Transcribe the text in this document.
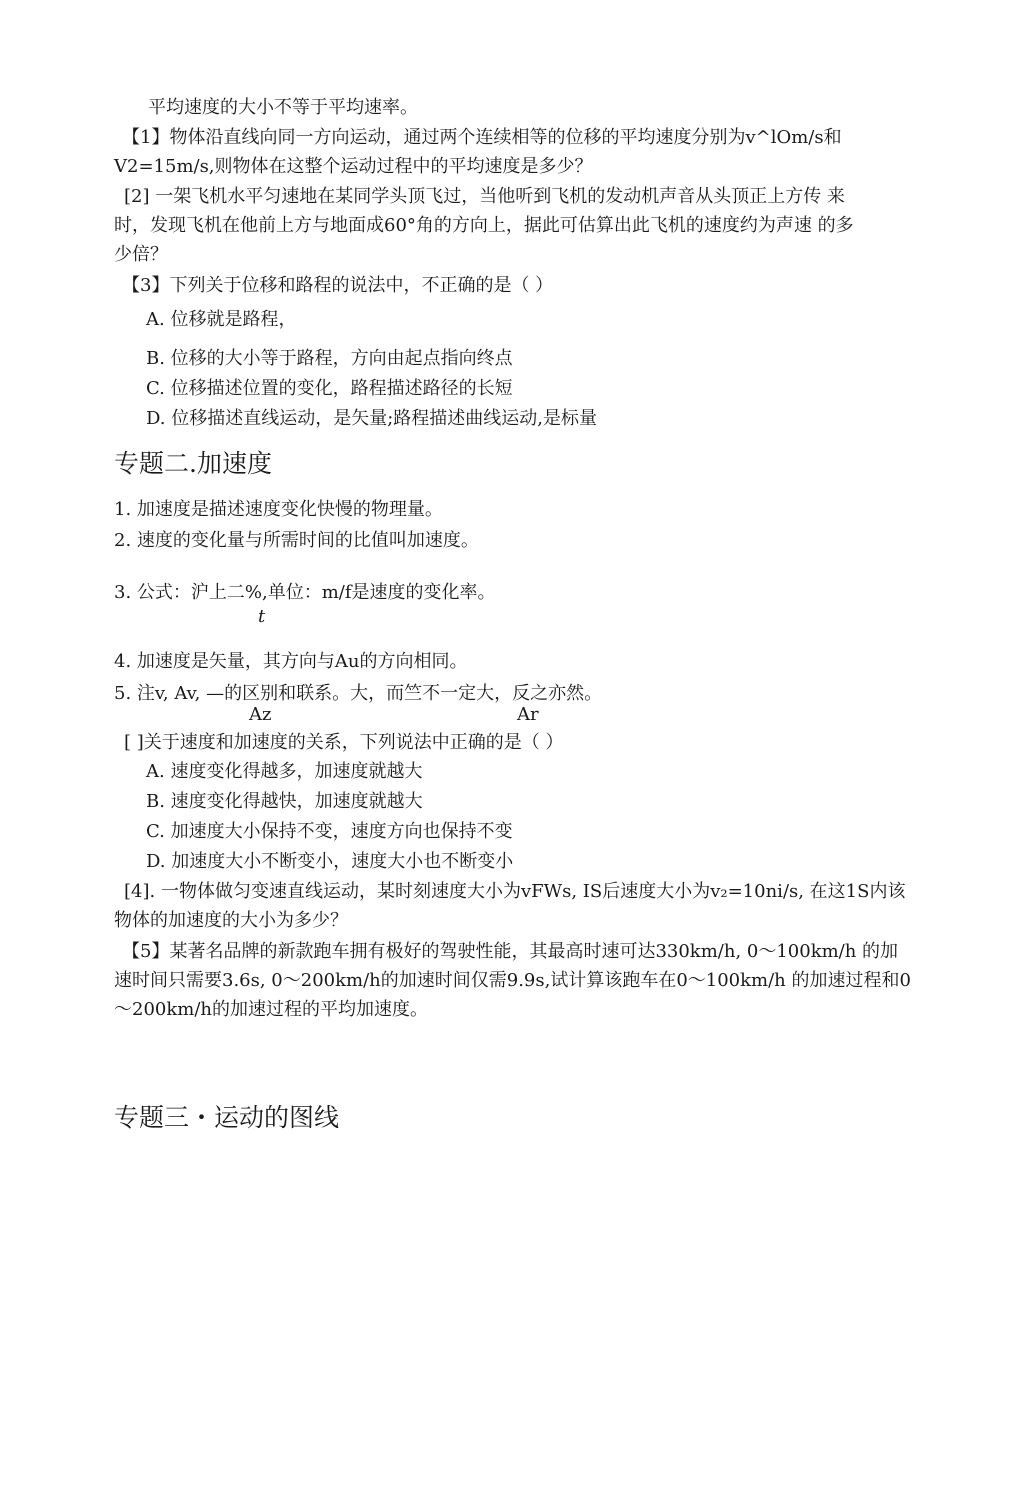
平均速度的大小不等于平均速率。
【1】物体沿直线向同一方向运动，通过两个连续相等的位移的平均速度分别为v^lOm/s和
V2=15m/s,则物体在这整个运动过程中的平均速度是多少？
[2] 一架飞机水平匀速地在某同学头顶飞过，当他听到飞机的发动机声音从头顶正上方传 来
时，发现飞机在他前上方与地面成60°角的方向上，据此可估算出此飞机的速度约为声速 的多
少倍？
【3】下列关于位移和路程的说法中，不正确的是（ ）
A. 位移就是路程，
B. 位移的大小等于路程，方向由起点指向终点
C. 位移描述位置的变化，路程描述路径的长短
D. 位移描述直线运动，是矢量;路程描述曲线运动,是标量
专题二.加速度
1. 加速度是描述速度变化快慢的物理量。
2. 速度的变化量与所需时间的比值叫加速度。
3. 公式：沪上二%,单位：m/f是速度的变化率。
t
4. 加速度是矢量，其方向与Au的方向相同。
5. 注v, Av, —的区别和联系。大，而竺不一定大，反之亦然。
Az	Ar
[ ]关于速度和加速度的关系，下列说法中正确的是（ ）
A. 速度变化得越多，加速度就越大
B. 速度变化得越快，加速度就越大
C. 加速度大小保持不变，速度方向也保持不变
D. 加速度大小不断变小，速度大小也不断变小
[4]. 一物体做匀变速直线运动，某时刻速度大小为vFWs, IS后速度大小为v₂=10ni/s, 在这1S内该
物体的加速度的大小为多少？
【5】某著名品牌的新款跑车拥有极好的驾驶性能，其最高时速可达330km/h, 0～100km/h 的加
速时间只需要3.6s, 0～200km/h的加速时间仅需9.9s,试计算该跑车在0～100km/h 的加速过程和0
～200km/h的加速过程的平均加速度。
专题三・运动的图线
